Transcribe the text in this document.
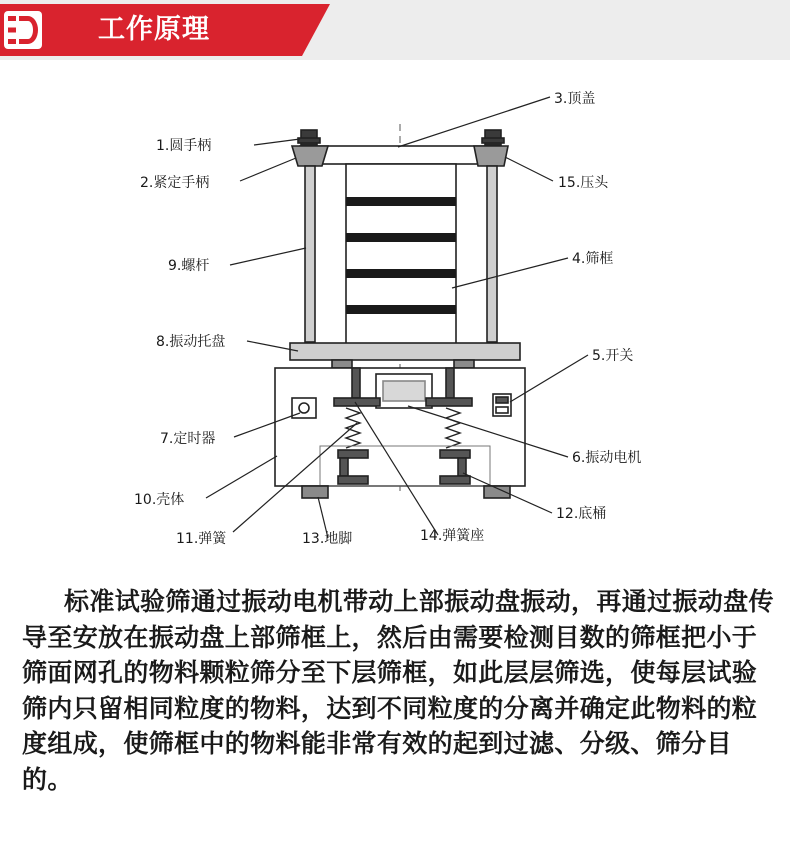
工作原理
3.顶盖
1.圆手柄
2.紧定手柄	15.压头
9.螺杆	4.筛框
8.振动托盘
5.开关
7.定时器
6.振动电机
10.壳体
12.底桶
11.弹簧	13.地脚	14.弹簧座
标准试验筛通过振动电机带动上部振动盘振动，再通过振动盘传导至安放在振动盘上部筛框上，然后由需要检测目数的筛框把小于筛面网孔的物料颗粒筛分至下层筛框，如此层层筛选，使每层试验筛内只留相同粒度的物料，达到不同粒度的分离并确定此物料的粒度组成，使筛框中的物料能非常有效的起到过滤、分级、筛分目的。
